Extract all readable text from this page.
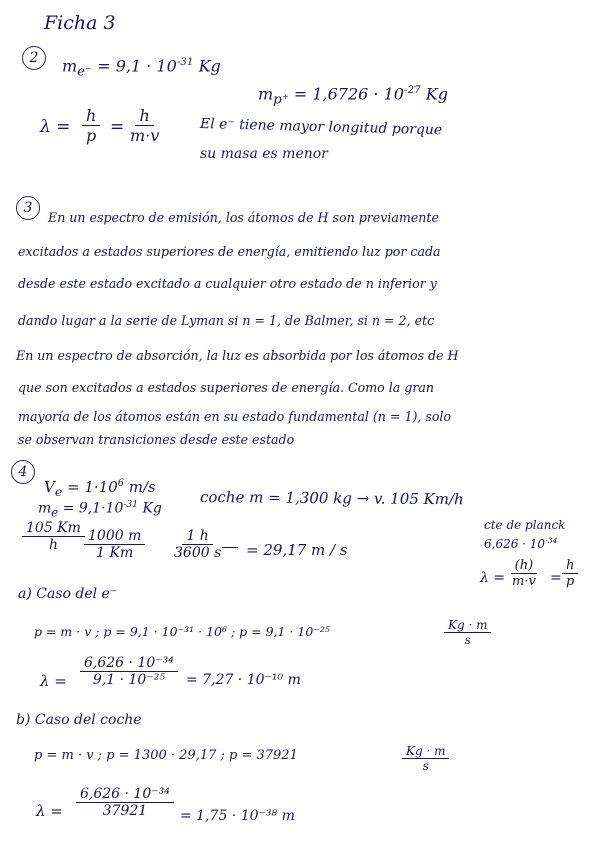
Ficha 3
2 $m_{e^-} = 9,1 \cdot 10^{-31}$ Kg
$m_{p^+} = 1,6726 \cdot 10^{-27}$ Kg
$\lambda = \frac{h}{p} = \frac{h}{m\cdot v}$	El e⁻ tiene mayor longitud porque
su masa es menor
3
En un espectro de emisión, los átomos de H son previamente
excitados a estados superiores de energía, emitiendo luz por cada
desde este estado excitado a cualquier otro estado de n inferior y
dando lugar a la serie de Lyman si n = 1, de Balmer, si n = 2, etc
En un espectro de absorción, la luz es absorbida por los átomos de H
que son excitados a estados superiores de energía. Como la gran
mayoría de los átomos están en su estado fundamental (n = 1), solo
se observan transiciones desde este estado
4
$V_e = 1\cdot 10^6$ m/s
$m_e = 9,1\cdot 10^{-31}$ Kg
coche m = 1,300 kg → v. 105 Km/h
$\frac{105 Km}{h} \frac{1000 m}{1 Km} \frac{1 h}{3600 s} = 29,17$ m / s
cte de planck
$6,626 \cdot 10^{-34}$
$\lambda = \frac{(h)}{m\cdot v} = \frac{h}{p}$
a) Caso del e⁻
p = m · v ; p = 9,1 · 10⁻³¹ · 10⁶ ; p = 9,1 · 10⁻²⁵	$\frac{Kg \cdot m}{s}$
$\lambda = \frac{\text{6,626 · 10⁻³⁴}}{\text{9,1 · 10⁻²⁵}} = 7,27 \cdot 10^{-10}$ m
b) Caso del coche
p = m · v ; p = 1300 · 29,17 ; p = 37921	$\frac{Kg \cdot m}{s}$
$\lambda = \frac{\text{6,626 · 10⁻³⁴}}{37921} = 1,75 \cdot 10^{-38}$ m
